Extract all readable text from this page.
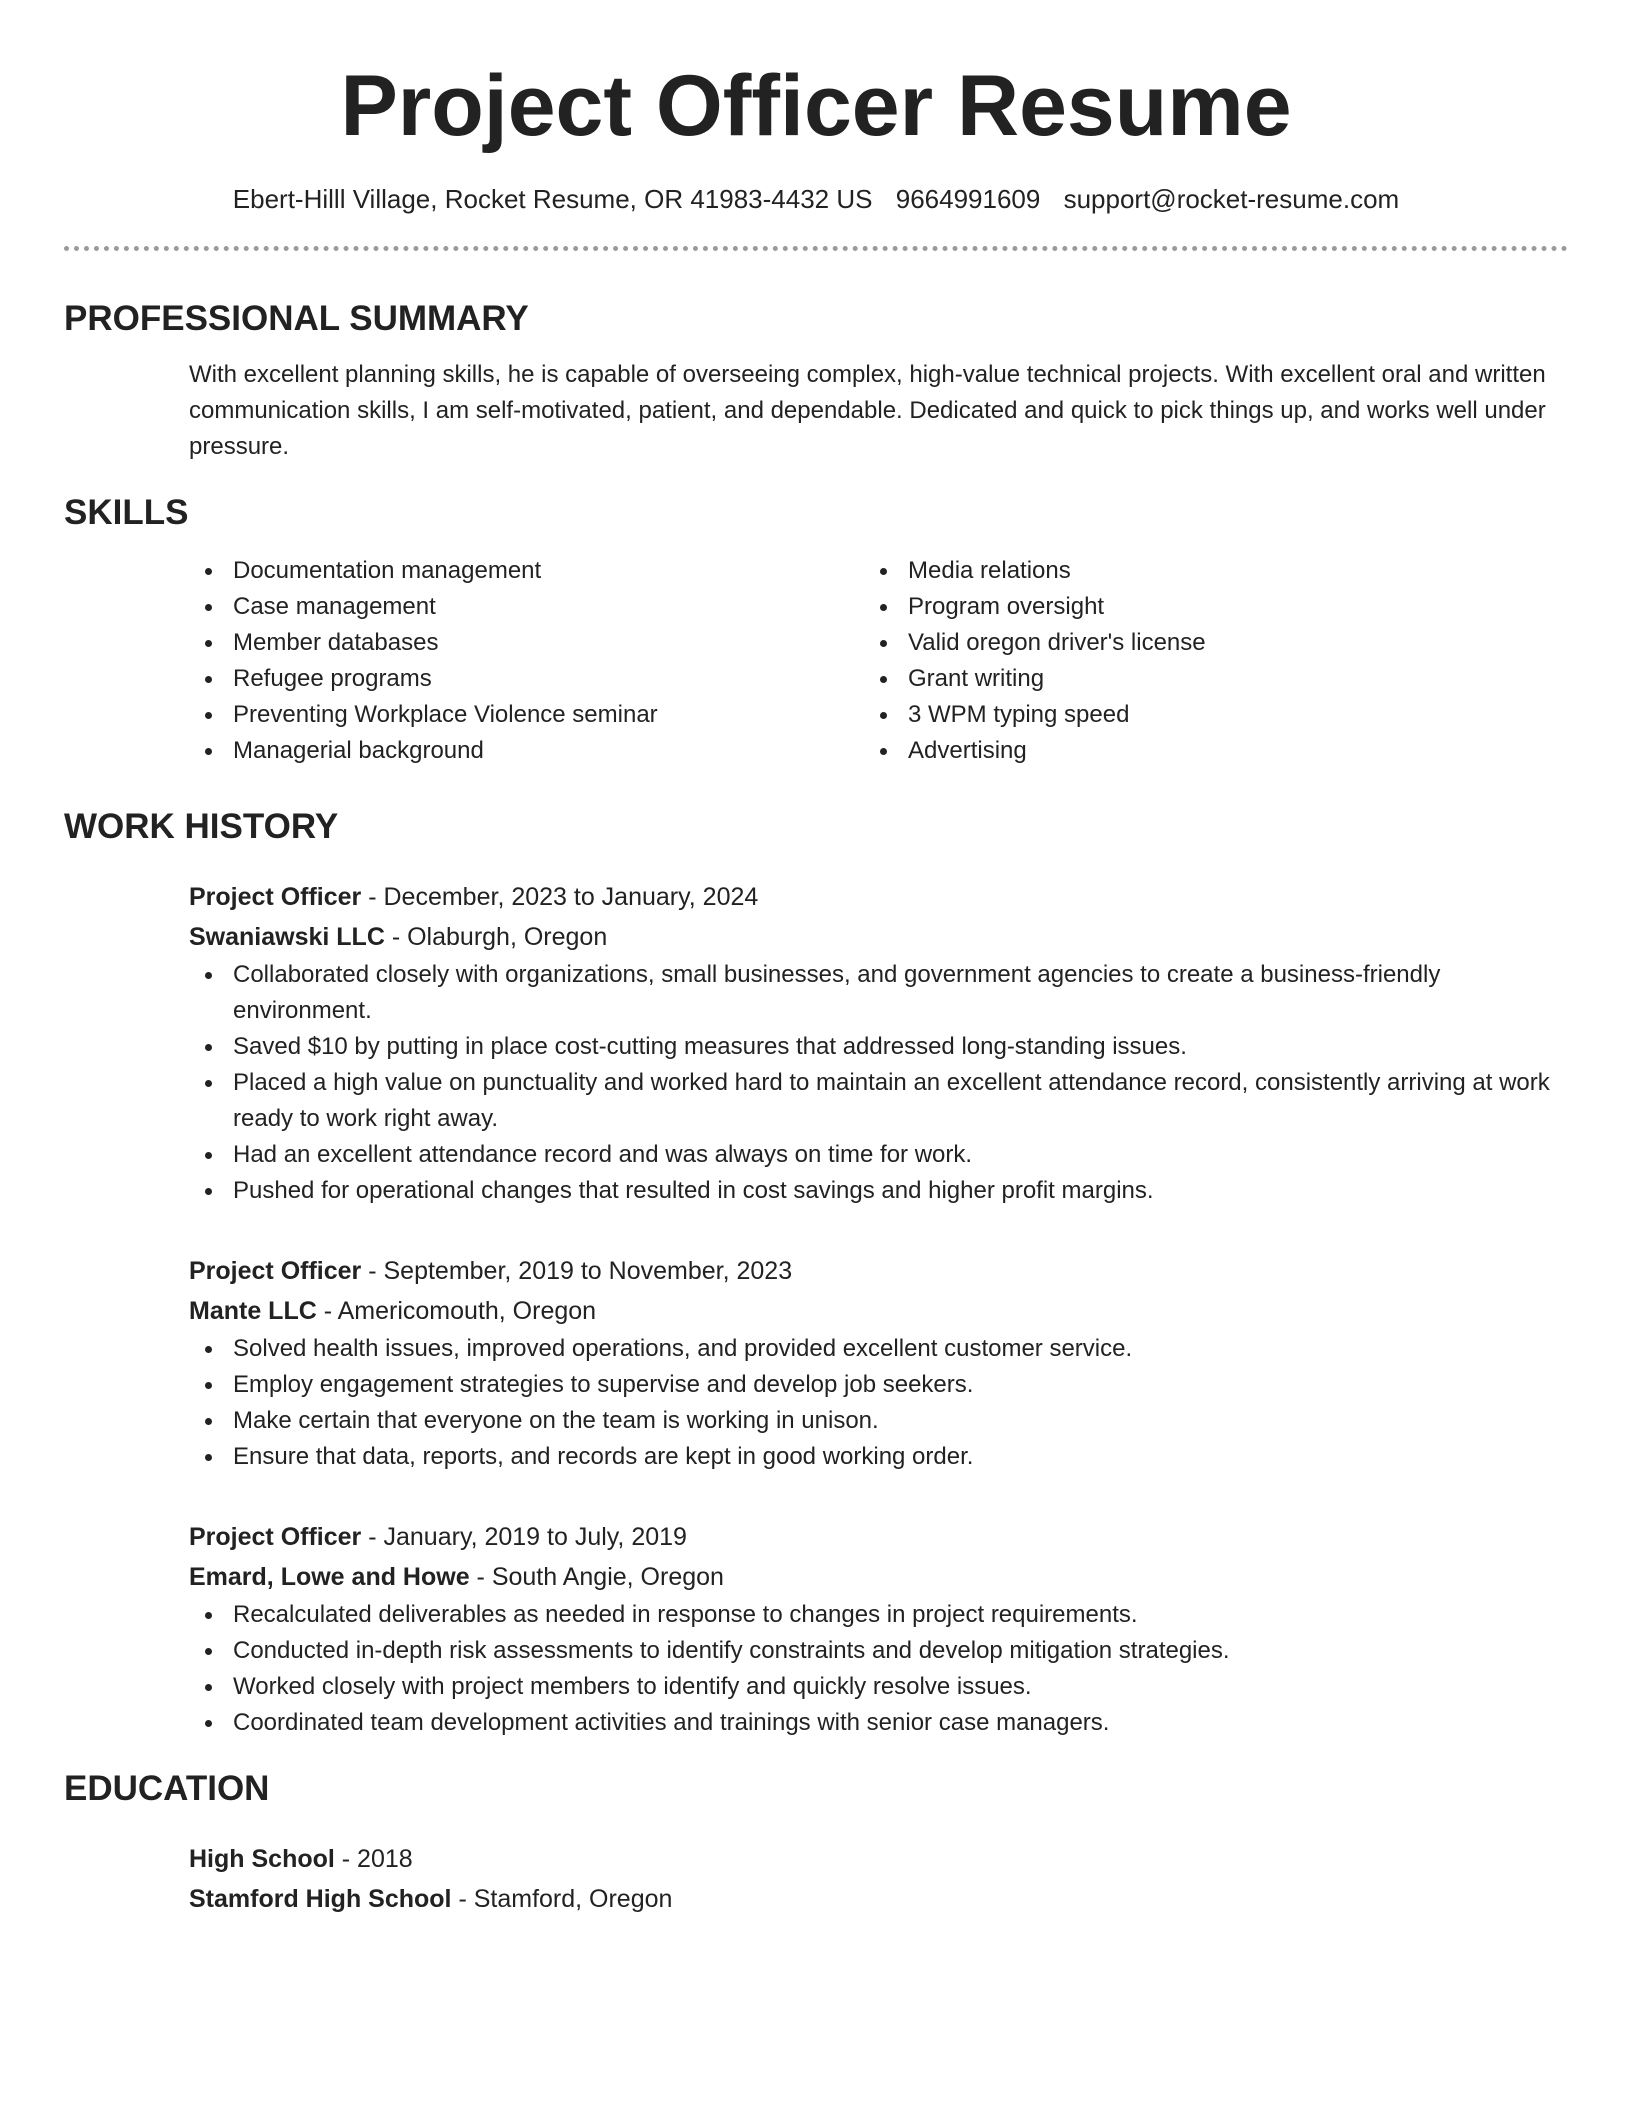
Project Officer Resume
Ebert-Hilll Village, Rocket Resume, OR 41983-4432 US 9664991609 support@rocket-resume.com
PROFESSIONAL SUMMARY
With excellent planning skills, he is capable of overseeing complex, high-value technical projects. With excellent oral and written communication skills, I am self-motivated, patient, and dependable. Dedicated and quick to pick things up, and works well under pressure.
SKILLS
Documentation management
Case management
Member databases
Refugee programs
Preventing Workplace Violence seminar
Managerial background
Media relations
Program oversight
Valid oregon driver's license
Grant writing
3 WPM typing speed
Advertising
WORK HISTORY
Project Officer - December, 2023 to January, 2024
Swaniawski LLC - Olaburgh, Oregon
Collaborated closely with organizations, small businesses, and government agencies to create a business-friendly environment.
Saved $10 by putting in place cost-cutting measures that addressed long-standing issues.
Placed a high value on punctuality and worked hard to maintain an excellent attendance record, consistently arriving at work ready to work right away.
Had an excellent attendance record and was always on time for work.
Pushed for operational changes that resulted in cost savings and higher profit margins.
Project Officer - September, 2019 to November, 2023
Mante LLC - Americomouth, Oregon
Solved health issues, improved operations, and provided excellent customer service.
Employ engagement strategies to supervise and develop job seekers.
Make certain that everyone on the team is working in unison.
Ensure that data, reports, and records are kept in good working order.
Project Officer - January, 2019 to July, 2019
Emard, Lowe and Howe - South Angie, Oregon
Recalculated deliverables as needed in response to changes in project requirements.
Conducted in-depth risk assessments to identify constraints and develop mitigation strategies.
Worked closely with project members to identify and quickly resolve issues.
Coordinated team development activities and trainings with senior case managers.
EDUCATION
High School - 2018
Stamford High School - Stamford, Oregon
